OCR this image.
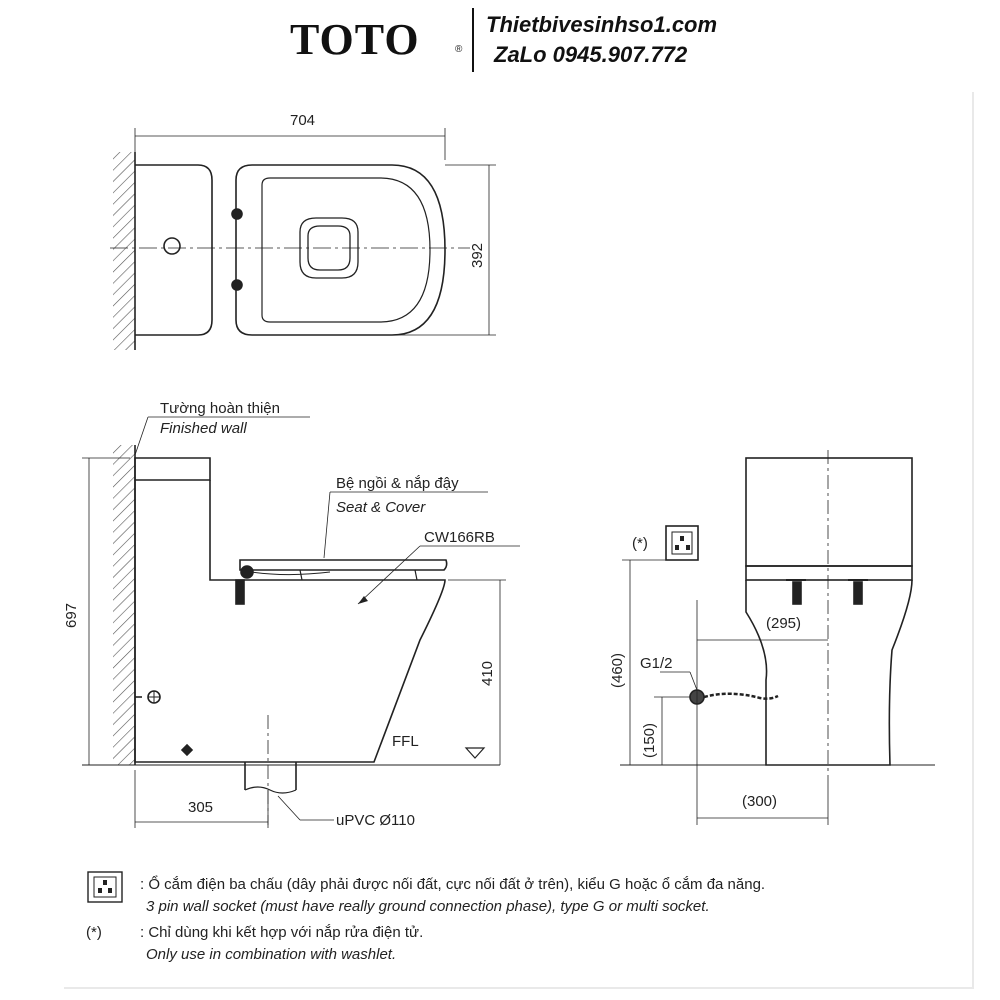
TOTO	®
Thietbivesinhso1.com
ZaLo 0945.907.772
704
392
Tường hoàn thiện
Finished wall
Bệ ngồi & nắp đậy
Seat & Cover
CW166RB
697
410
FFL
305
uPVC Ø110
(*)
(295)
(460) G1/2
(150)
(300)
: Ổ cắm điện ba chấu (dây phải được nối đất, cực nối đất ở trên), kiểu G hoặc ổ cắm đa năng.
3 pin wall socket (must have really ground connection phase), type G or multi socket.
(*)	: Chỉ dùng khi kết hợp với nắp rửa điện tử.
Only use in combination with washlet.
